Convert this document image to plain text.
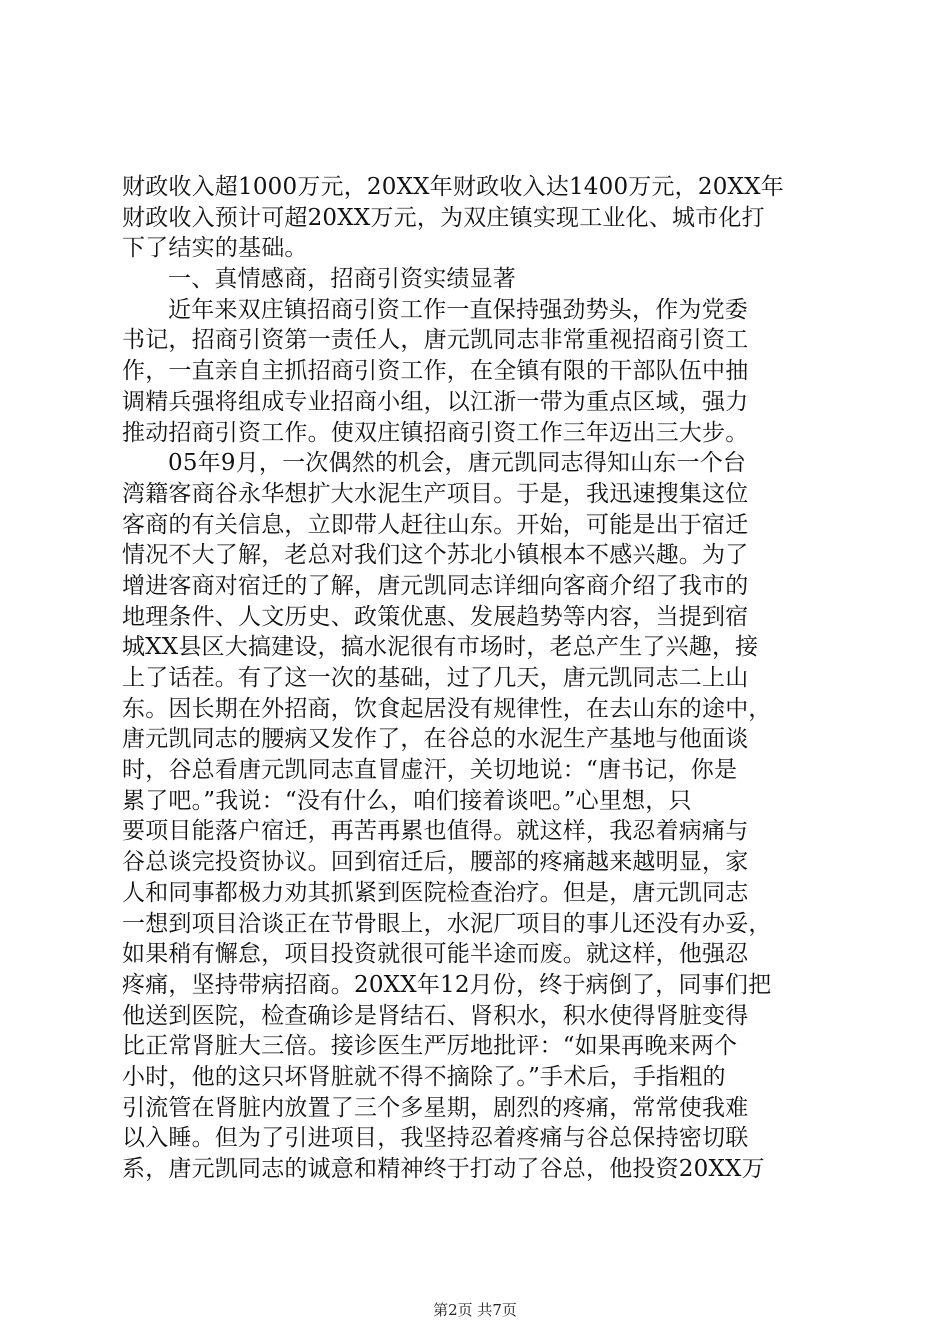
财政收入超1000万元，20XX年财政收入达1400万元，20XX年
财政收入预计可超20XX万元，为双庄镇实现工业化、城市化打
下了结实的基础。
一、真情感商，招商引资实绩显著
近年来双庄镇招商引资工作一直保持强劲势头，作为党委
书记，招商引资第一责任人，唐元凯同志非常重视招商引资工
作，一直亲自主抓招商引资工作，在全镇有限的干部队伍中抽
调精兵强将组成专业招商小组，以江浙一带为重点区域，强力
推动招商引资工作。使双庄镇招商引资工作三年迈出三大步。
05年9月，一次偶然的机会，唐元凯同志得知山东一个台
湾籍客商谷永华想扩大水泥生产项目。于是，我迅速搜集这位
客商的有关信息，立即带人赶往山东。开始，可能是出于宿迁
情况不大了解，老总对我们这个苏北小镇根本不感兴趣。为了
增进客商对宿迁的了解，唐元凯同志详细向客商介绍了我市的
地理条件、人文历史、政策优惠、发展趋势等内容，当提到宿
城XX县区大搞建设，搞水泥很有市场时，老总产生了兴趣，接
上了话茬。有了这一次的基础，过了几天，唐元凯同志二上山
东。因长期在外招商，饮食起居没有规律性，在去山东的途中，
唐元凯同志的腰病又发作了，在谷总的水泥生产基地与他面谈
时，谷总看唐元凯同志直冒虚汗，关切地说：“唐书记，你是
累了吧。”我说：“没有什么，咱们接着谈吧。”心里想，只
要项目能落户宿迁，再苦再累也值得。就这样，我忍着病痛与
谷总谈完投资协议。回到宿迁后，腰部的疼痛越来越明显，家
人和同事都极力劝其抓紧到医院检查治疗。但是，唐元凯同志
一想到项目洽谈正在节骨眼上，水泥厂项目的事儿还没有办妥，
如果稍有懈怠，项目投资就很可能半途而废。就这样，他强忍
疼痛，坚持带病招商。20XX年12月份，终于病倒了，同事们把
他送到医院，检查确诊是肾结石、肾积水，积水使得肾脏变得
比正常肾脏大三倍。接诊医生严厉地批评：“如果再晚来两个
小时，他的这只坏肾脏就不得不摘除了。”手术后，手指粗的
引流管在肾脏内放置了三个多星期，剧烈的疼痛，常常使我难
以入睡。但为了引进项目，我坚持忍着疼痛与谷总保持密切联
系，唐元凯同志的诚意和精神终于打动了谷总，他投资20XX万
第2页 共7页
